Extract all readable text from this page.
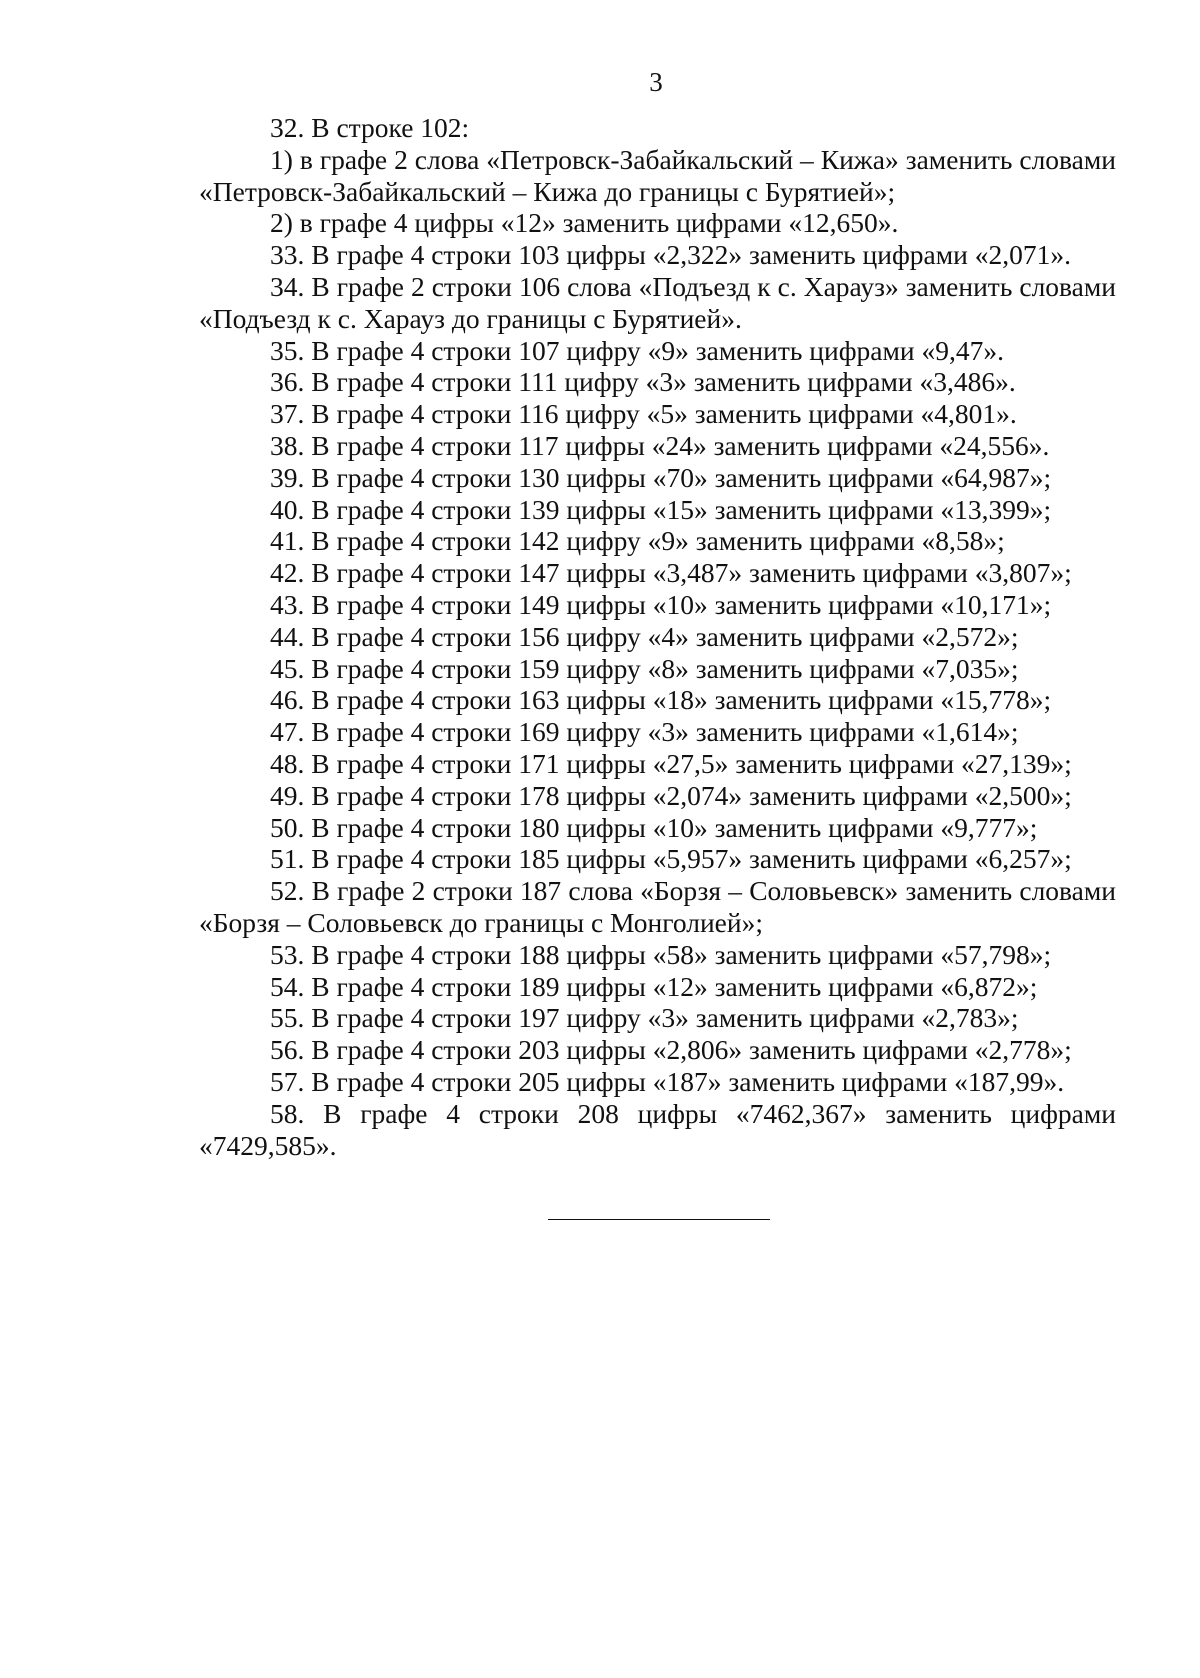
3

32. В строке 102:

1) в графе 2 слова «Петровск-Забайкальский – Кижа» заменить словами
«Петровск-Забайкальский – Кижа до границы с Бурятией»;

2) в графе 4 цифры «12» заменить цифрами «12,650».

33. В графе 4 строки 103 цифры «2,322» заменить цифрами «2,071».

34. В графе 2 строки 106 слова «Подъезд к с. Харауз» заменить словами
«Подъезд к с. Харауз до границы с Бурятией».

35. В графе 4 строки 107 цифру «9» заменить цифрами «9,47».

36. В графе 4 строки 111 цифру «3» заменить цифрами «3,486».

37. В графе 4 строки 116 цифру «5» заменить цифрами «4,801».

38. В графе 4 строки 117 цифры «24» заменить цифрами «24,556».

39. В графе 4 строки 130 цифры «70» заменить цифрами «64,987»;

40. В графе 4 строки 139 цифры «15» заменить цифрами «13,399»;

41. В графе 4 строки 142 цифру «9» заменить цифрами «8,58»;

42. В графе 4 строки 147 цифры «3,487» заменить цифрами «3,807»;

43. В графе 4 строки 149 цифры «10» заменить цифрами «10,171»;

44. В графе 4 строки 156 цифру «4» заменить цифрами «2,572»;

45. В графе 4 строки 159 цифру «8» заменить цифрами «7,035»;

46. В графе 4 строки 163 цифры «18» заменить цифрами «15,778»;

47. В графе 4 строки 169 цифру «3» заменить цифрами «1,614»;

48. В графе 4 строки 171 цифры «27,5» заменить цифрами «27,139»;

49. В графе 4 строки 178 цифры «2,074» заменить цифрами «2,500»;

50. В графе 4 строки 180 цифры «10» заменить цифрами «9,777»;

51. В графе 4 строки 185 цифры «5,957» заменить цифрами «6,257»;

52. В графе 2 строки 187 слова «Борзя – Соловьевск» заменить словами
«Борзя – Соловьевск до границы с Монголией»;

53. В графе 4 строки 188 цифры «58» заменить цифрами «57,798»;

54. В графе 4 строки 189 цифры «12» заменить цифрами «6,872»;

55. В графе 4 строки 197 цифру «3» заменить цифрами «2,783»;

56. В графе 4 строки 203 цифры «2,806» заменить цифрами «2,778»;

57. В графе 4 строки 205 цифры «187» заменить цифрами «187,99».

58. В графе 4 строки 208 цифры «7462,367» заменить цифрами
«7429,585».
